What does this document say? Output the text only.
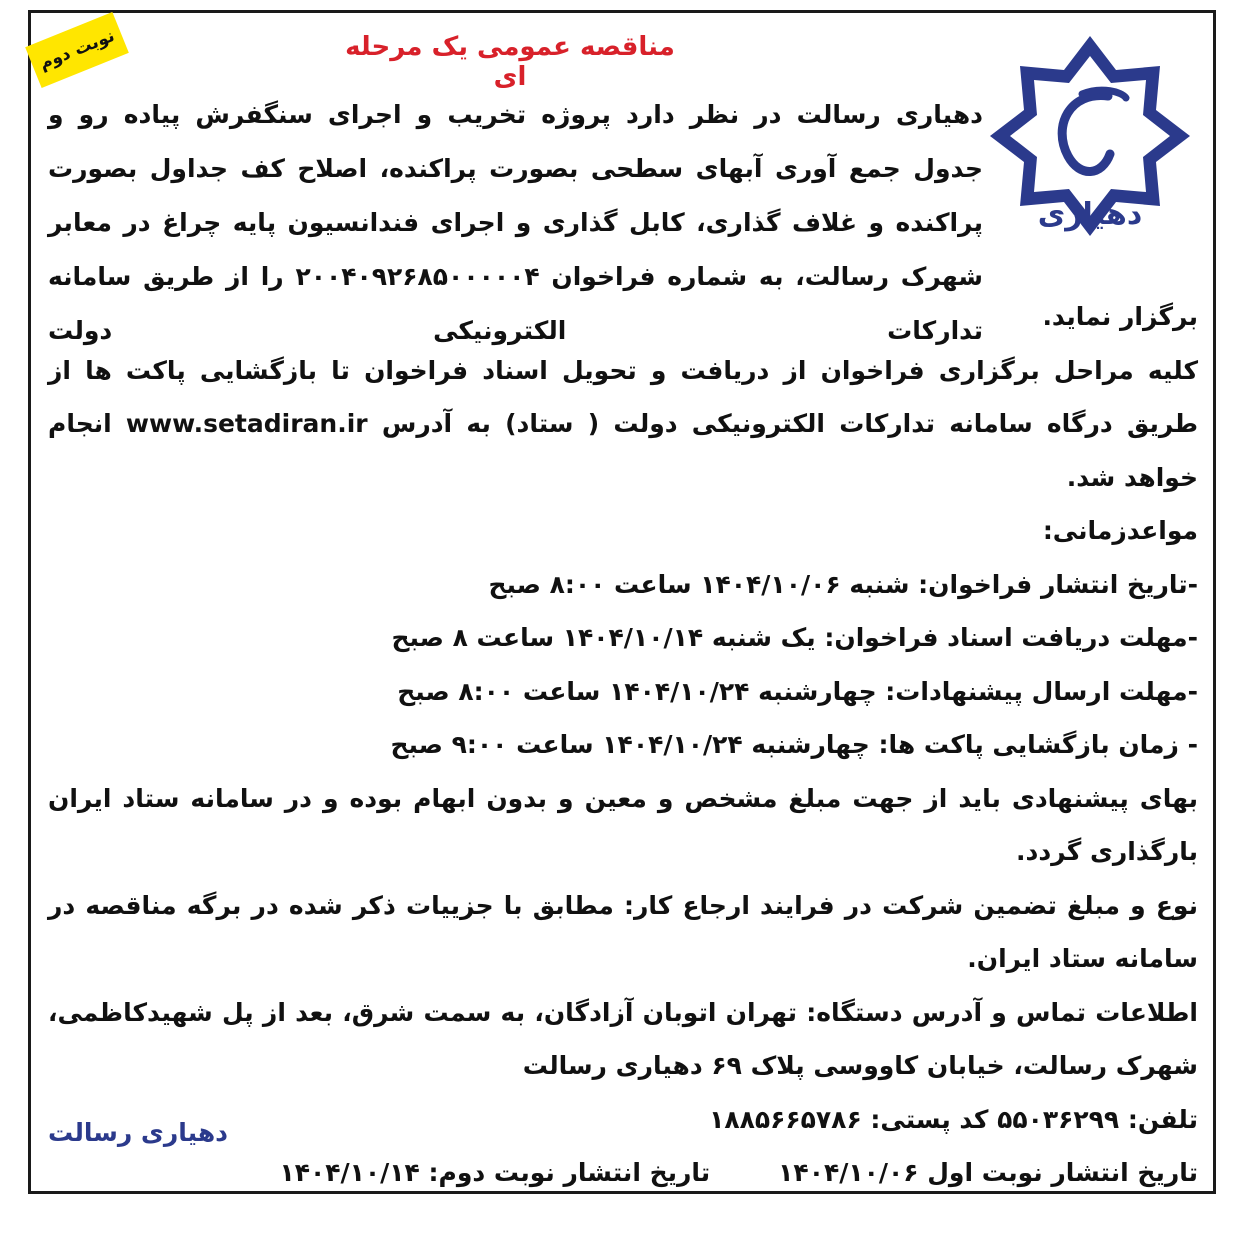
نوبت دوم	مناقصه عمومی یک مرحله ای
دهیاری
دهیاری رسالت در نظر دارد پروژه تخریب و اجرای سنگفرش پیاده رو و جدول جمع آوری آبهای سطحی بصورت پراکنده، اصلاح کف جداول بصورت پراکنده و غلاف گذاری، کابل گذاری و اجرای فندانسیون پایه چراغ در معابر شهرک رسالت، به شماره فراخوان ۲۰۰۴۰۹۲۶۸۵۰۰۰۰۰۴ را از طریق سامانه تدارکات الکترونیکی دولت	برگزار نماید.

کلیه مراحل برگزاری فراخوان از دریافت و تحویل اسناد فراخوان تا بازگشایی پاکت ها از طریق درگاه سامانه تدارکات الکترونیکی دولت ( ستاد) به آدرس www.setadiran.ir انجام خواهد شد.

مواعدزمانی:

-تاریخ انتشار فراخوان: شنبه ۱۴۰۴/۱۰/۰۶ ساعت ۸:۰۰ صبح
-مهلت دریافت اسناد فراخوان: یک شنبه ۱۴۰۴/۱۰/۱۴ ساعت ۸ صبح
-مهلت ارسال پیشنهادات: چهارشنبه ۱۴۰۴/۱۰/۲۴ ساعت ۸:۰۰ صبح
- زمان بازگشایی پاکت ها: چهارشنبه ۱۴۰۴/۱۰/۲۴ ساعت ۹:۰۰ صبح

بهای پیشنهادی باید از جهت مبلغ مشخص و معین و بدون ابهام بوده و در سامانه ستاد ایران بارگذاری گردد.

نوع و مبلغ تضمین شرکت در فرایند ارجاع کار: مطابق با جزییات ذکر شده در برگه مناقصه در سامانه ستاد ایران.

اطلاعات تماس و آدرس دستگاه: تهران اتوبان آزادگان، به سمت شرق، بعد از پل شهیدکاظمی، شهرک رسالت، خیابان کاووسی پلاک ۶۹ دهیاری رسالت

تلفن: ۵۵۰۳۶۲۹۹ کد پستی: ۱۸۸۵۶۶۵۷۸۶

تاریخ انتشار نوبت اول ۱۴۰۴/۱۰/۰۶
تاریخ انتشار نوبت دوم: ۱۴۰۴/۱۰/۱۴
دهیاری رسالت
